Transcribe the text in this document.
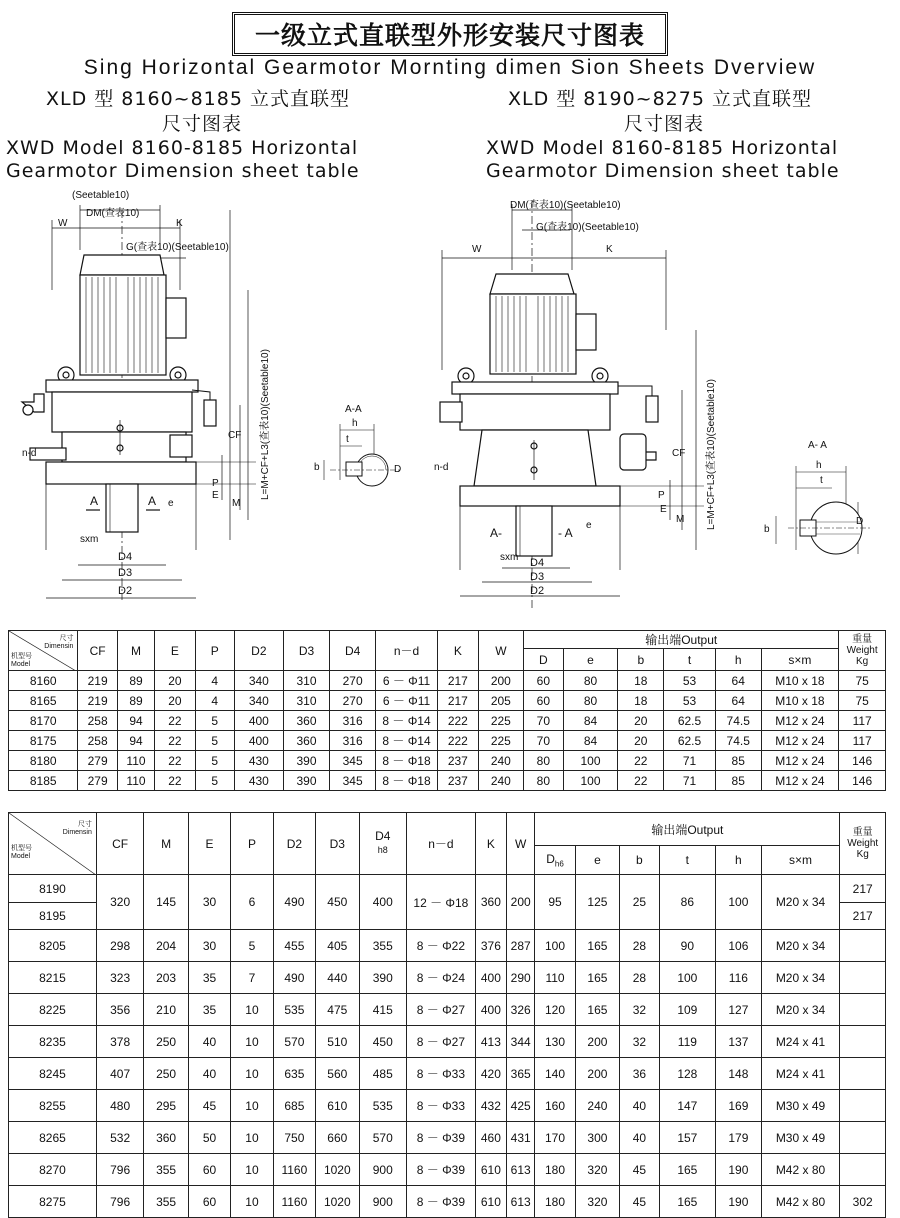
一级立式直联型外形安装尺寸图表
Sing Horizontal Gearmotor Mornting dimen Sion Sheets Dverview
XLD 型 8160~8185 立式直联型
尺寸图表
XWD Model 8160-8185 Horizontal
Gearmotor Dimension sheet table
XLD 型 8190~8275 立式直联型
尺寸图表
XWD Model 8160-8185 Horizontal
Gearmotor Dimension sheet table
(Seetable10)
DM(查表10)
W	K
G(查表10)(Seetable10)
L=M+CF+L3(查表10)(Seetable10)
CF
P
E
M
n-d
A	A e
sxm
D4
D3
D2
A-A
h
t
b	D
DM(查表10)(Seetable10)
G(查表10)(Seetable10)
W	K
L=M+CF+L3(查表10)(Seetable10)
CF
P
E
M
n-d
A-	- A
e
sxm D4
D3
D2
A- A
h
t
b
D
尺寸
Dimensin
机型号
Model	CF	M	E	P	D2	D3	D4	n－d	K	W	输出端Output						重量
Weight
Kg
											D	e	b	t	h	s×m	
8160	219	89	20	4	340	310	270	6 － Φ11	217	200	60	80	18	53	64	M10 x 18	75
8165	219	89	20	4	340	310	270	6 － Φ11	217	205	60	80	18	53	64	M10 x 18	75
8170	258	94	22	5	400	360	316	8 － Φ14	222	225	70	84	20	62.5	74.5	M12 x 24	117
8175	258	94	22	5	400	360	316	8 － Φ14	222	225	70	84	20	62.5	74.5	M12 x 24	117
8180	279	110	22	5	430	390	345	8 － Φ18	237	240	80	100	22	71	85	M12 x 24	146
8185	279	110	22	5	430	390	345	8 － Φ18	237	240	80	100	22	71	85	M12 x 24	146
尺寸
Dimensin
机型号
Model	CF	M	E	P	D2	D3	D4
h8	n－d	K	W	输出端Output						重量
Weight
Kg
											$D_{h6}$	e	b	t	h	s×m	
8190	320	145	30	6	490	450	400	12 － Φ18	360	200	95	125	25	86	100	M20 x 34	217
8195																	217
8205	298	204	30	5	455	405	355	8 － Φ22	376	287	100	165	28	90	106	M20 x 34	
8215	323	203	35	7	490	440	390	8 － Φ24	400	290	110	165	28	100	116	M20 x 34	
8225	356	210	35	10	535	475	415	8 － Φ27	400	326	120	165	32	109	127	M20 x 34	
8235	378	250	40	10	570	510	450	8 － Φ27	413	344	130	200	32	119	137	M24 x 41	
8245	407	250	40	10	635	560	485	8 － Φ33	420	365	140	200	36	128	148	M24 x 41	
8255	480	295	45	10	685	610	535	8 － Φ33	432	425	160	240	40	147	169	M30 x 49	
8265	532	360	50	10	750	660	570	8 － Φ39	460	431	170	300	40	157	179	M30 x 49	
8270	796	355	60	10	1160	1020	900	8 － Φ39	610	613	180	320	45	165	190	M42 x 80	
8275	796	355	60	10	1160	1020	900	8 － Φ39	610	613	180	320	45	165	190	M42 x 80	302
